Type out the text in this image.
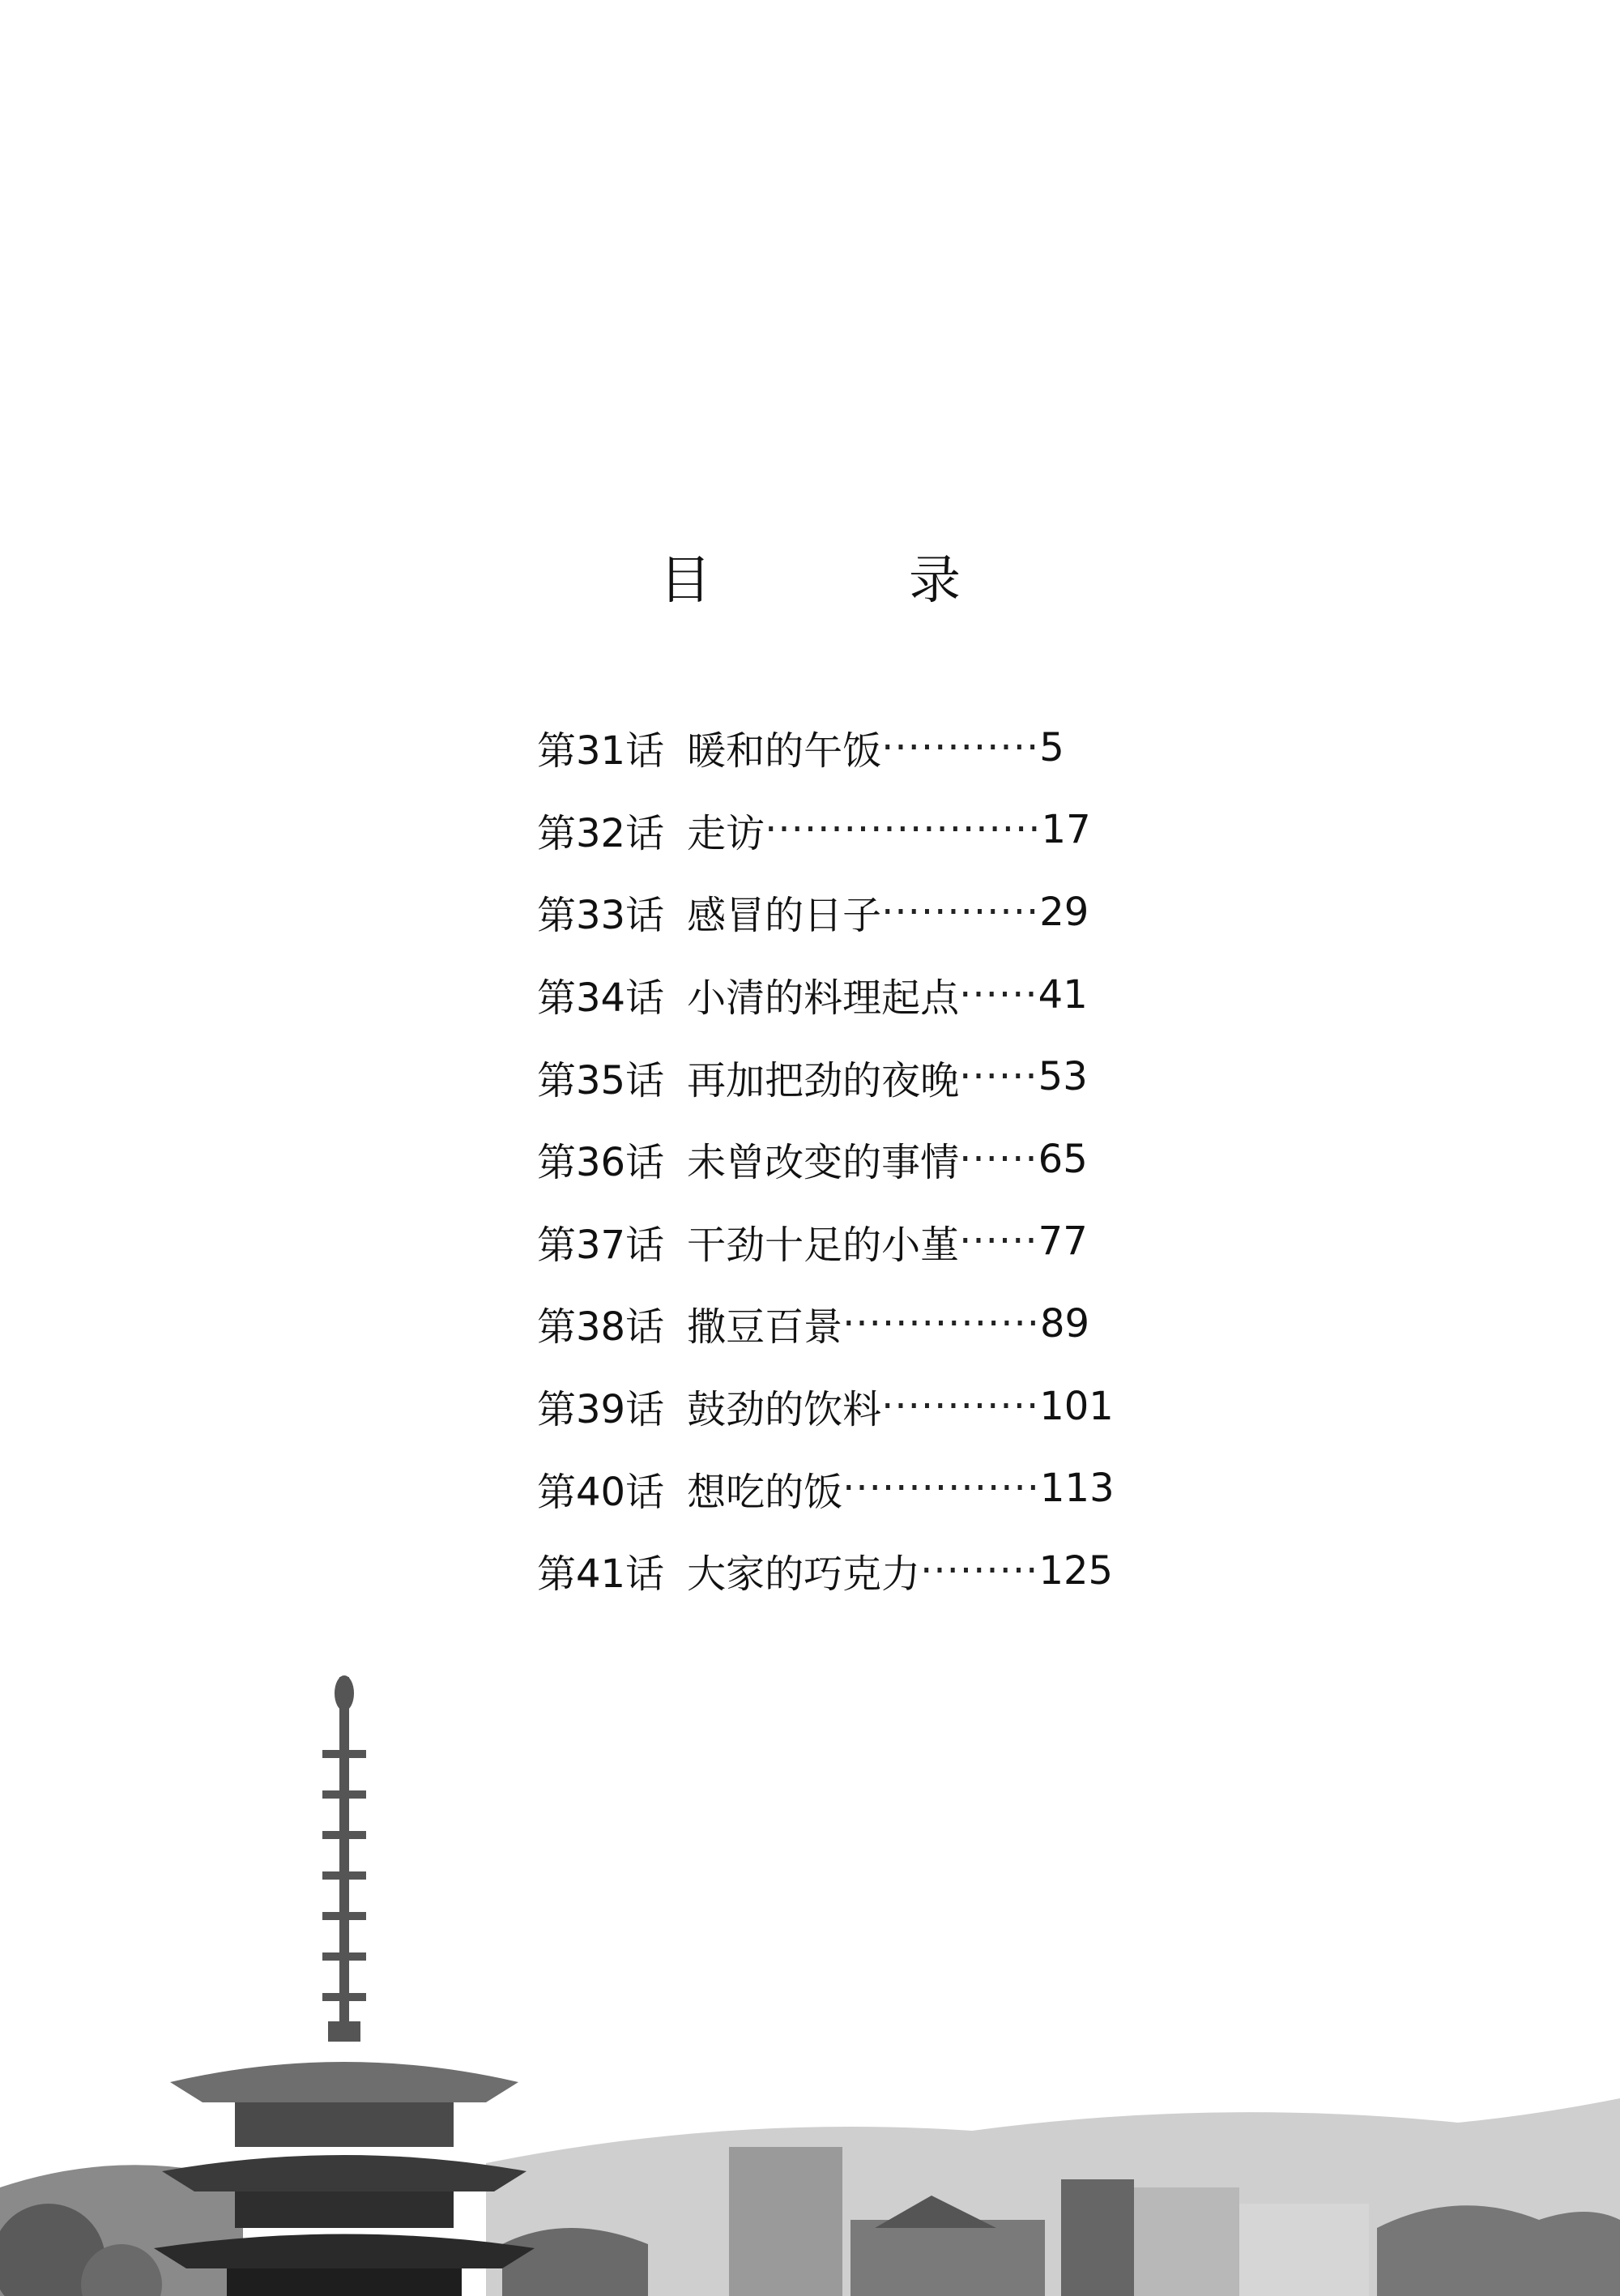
目　录
第31话 暖和的午饭 ············ 5
第32话 走访 ····················· 17
第33话 感冒的日子 ············ 29
第34话 小清的料理起点 ······ 41
第35话 再加把劲的夜晚 ······ 53
第36话 未曾改变的事情 ······ 65
第37话 干劲十足的小堇 ······ 77
第38话 撒豆百景 ··············· 89
第39话 鼓劲的饮料 ············ 101
第40话 想吃的饭 ··············· 113
第41话 大家的巧克力 ········· 125
